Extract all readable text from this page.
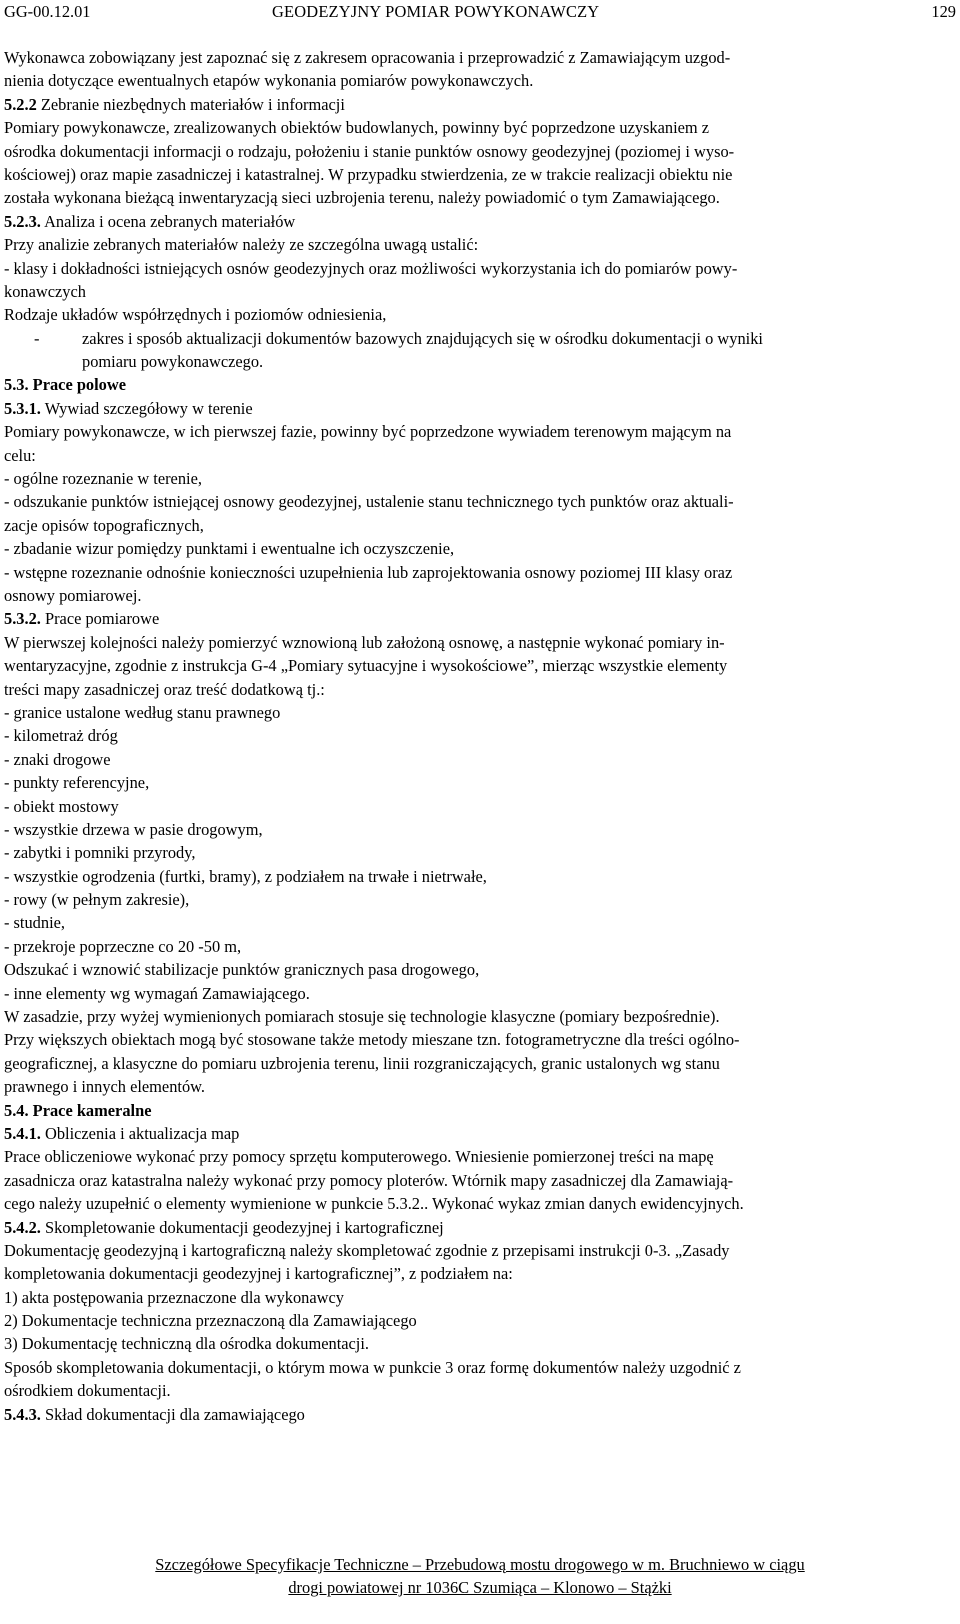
GG-00.12.01	GEODEZYJNY POMIAR POWYKONAWCZY	129
Wykonawca zobowiązany jest zapoznać się z zakresem opracowania i przeprowadzić z Zamawiającym uzgod-
nienia dotyczące ewentualnych etapów wykonania pomiarów powykonawczych.
5.2.2 Zebranie niezbędnych materiałów i informacji
Pomiary powykonawcze, zrealizowanych obiektów budowlanych, powinny być poprzedzone uzyskaniem z
ośrodka dokumentacji informacji o rodzaju, położeniu i stanie punktów osnowy geodezyjnej (poziomej i wyso-
kościowej) oraz mapie zasadniczej i katastralnej. W przypadku stwierdzenia, ze w trakcie realizacji obiektu nie
została wykonana bieżącą inwentaryzacją sieci uzbrojenia terenu, należy powiadomić o tym Zamawiającego.
5.2.3. Analiza i ocena zebranych materiałów
Przy analizie zebranych materiałów należy ze szczególna uwagą ustalić:
- klasy i dokładności istniejących osnów geodezyjnych oraz możliwości wykorzystania ich do pomiarów powy-
konawczych
Rodzaje układów współrzędnych i poziomów odniesienia,
-	zakres i sposób aktualizacji dokumentów bazowych znajdujących się w ośrodku dokumentacji o wyniki
pomiaru powykonawczego.
5.3. Prace polowe
5.3.1. Wywiad szczegółowy w terenie
Pomiary powykonawcze, w ich pierwszej fazie, powinny być poprzedzone wywiadem terenowym mającym na
celu:
- ogólne rozeznanie w terenie,
- odszukanie punktów istniejącej osnowy geodezyjnej, ustalenie stanu technicznego tych punktów oraz aktuali-
zacje opisów topograficznych,
- zbadanie wizur pomiędzy punktami i ewentualne ich oczyszczenie,
- wstępne rozeznanie odnośnie konieczności uzupełnienia lub zaprojektowania osnowy poziomej III klasy oraz
osnowy pomiarowej.
5.3.2. Prace pomiarowe
W pierwszej kolejności należy pomierzyć wznowioną lub założoną osnowę, a następnie wykonać pomiary in-
wentaryzacyjne, zgodnie z instrukcja G-4 „Pomiary sytuacyjne i wysokościowe”, mierząc wszystkie elementy
treści mapy zasadniczej oraz treść dodatkową tj.:
- granice ustalone według stanu prawnego
- kilometraż dróg
- znaki drogowe
- punkty referencyjne,
- obiekt mostowy
- wszystkie drzewa w pasie drogowym,
- zabytki i pomniki przyrody,
- wszystkie ogrodzenia (furtki, bramy), z podziałem na trwałe i nietrwałe,
- rowy (w pełnym zakresie),
- studnie,
- przekroje poprzeczne co 20 -50 m,
Odszukać i wznowić stabilizacje punktów granicznych pasa drogowego,
- inne elementy wg wymagań Zamawiającego.
W zasadzie, przy wyżej wymienionych pomiarach stosuje się technologie klasyczne (pomiary bezpośrednie).
Przy większych obiektach mogą być stosowane także metody mieszane tzn. fotogrametryczne dla treści ogólno-
geograficznej, a klasyczne do pomiaru uzbrojenia terenu, linii rozgraniczających, granic ustalonych wg stanu
prawnego i innych elementów.
5.4. Prace kameralne
5.4.1. Obliczenia i aktualizacja map
Prace obliczeniowe wykonać przy pomocy sprzętu komputerowego. Wniesienie pomierzonej treści na mapę
zasadnicza oraz katastralna należy wykonać przy pomocy ploterów. Wtórnik mapy zasadniczej dla Zamawiają-
cego należy uzupełnić o elementy wymienione w punkcie 5.3.2.. Wykonać wykaz zmian danych ewidencyjnych.
5.4.2. Skompletowanie dokumentacji geodezyjnej i kartograficznej
Dokumentację geodezyjną i kartograficzną należy skompletować zgodnie z przepisami instrukcji 0-3. „Zasady
kompletowania dokumentacji geodezyjnej i kartograficznej”, z podziałem na:
1) akta postępowania przeznaczone dla wykonawcy
2) Dokumentacje techniczna przeznaczoną dla Zamawiającego
3) Dokumentację techniczną dla ośrodka dokumentacji.
Sposób skompletowania dokumentacji, o którym mowa w punkcie 3 oraz formę dokumentów należy uzgodnić z
ośrodkiem dokumentacji.
5.4.3. Skład dokumentacji dla zamawiającego
Szczegółowe Specyfikacje Techniczne – Przebudową mostu drogowego w m. Bruchniewo w ciągu
drogi powiatowej nr 1036C Szumiąca – Klonowo – Stążki
